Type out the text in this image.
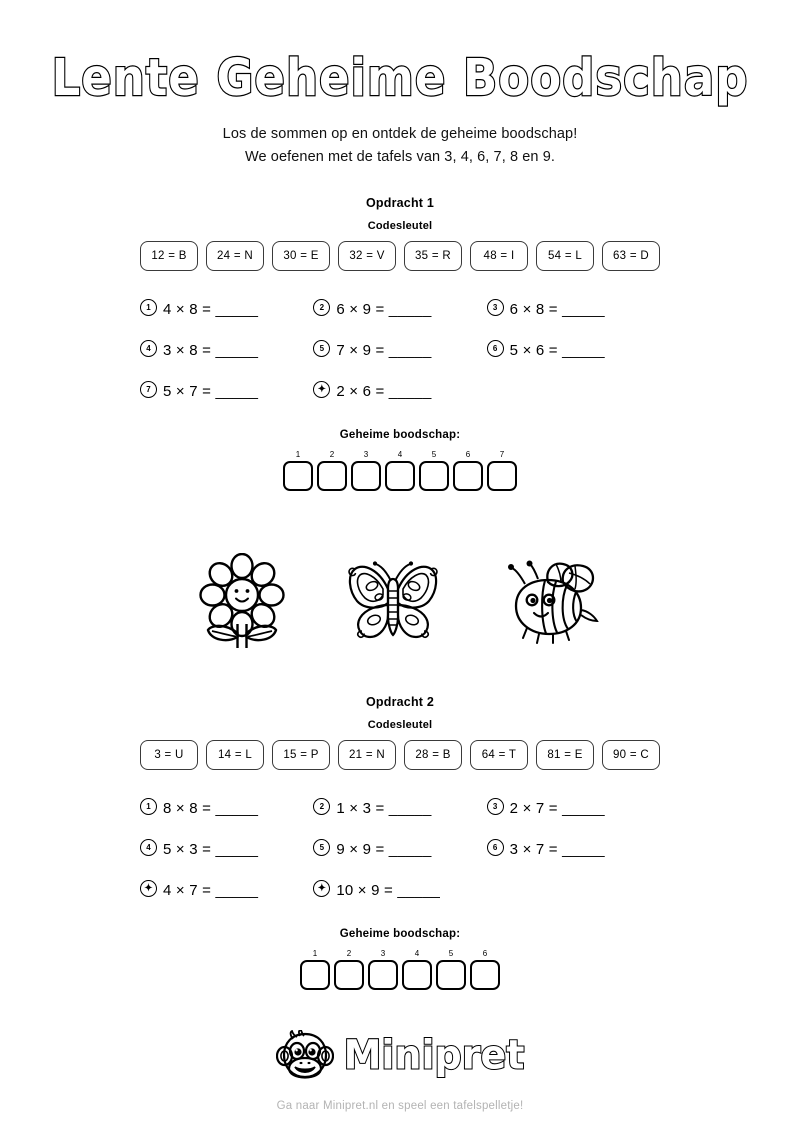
Lente Geheime Boodschap
Los de sommen op en ontdek de geheime boodschap!
We oefenen met de tafels van 3, 4, 6, 7, 8 en 9.
Opdracht 1
Codesleutel
12 = B	24 = N	30 = E	32 = V	35 = R	48 = I	54 = L	63 = D
1 4 × 8 = _____	2 6 × 9 = _____	3 6 × 8 = _____
4 3 × 8 = _____	5 7 × 9 = _____	6 5 × 6 = _____
7 5 × 7 = _____	✦ 2 × 6 = _____
Geheime boodschap:
1	2	3	4	5	6	7
Opdracht 2
Codesleutel
3 = U	14 = L	15 = P	21 = N	28 = B	64 = T	81 = E	90 = C
1 8 × 8 = _____	2 1 × 3 = _____	3 2 × 7 = _____
4 5 × 3 = _____	5 9 × 9 = _____	6 3 × 7 = _____
✦ 4 × 7 = _____	✦ 10 × 9 = _____
Geheime boodschap:
1	2	3	4	5	6
Minipret
Ga naar Minipret.nl en speel een tafelspelletje!
